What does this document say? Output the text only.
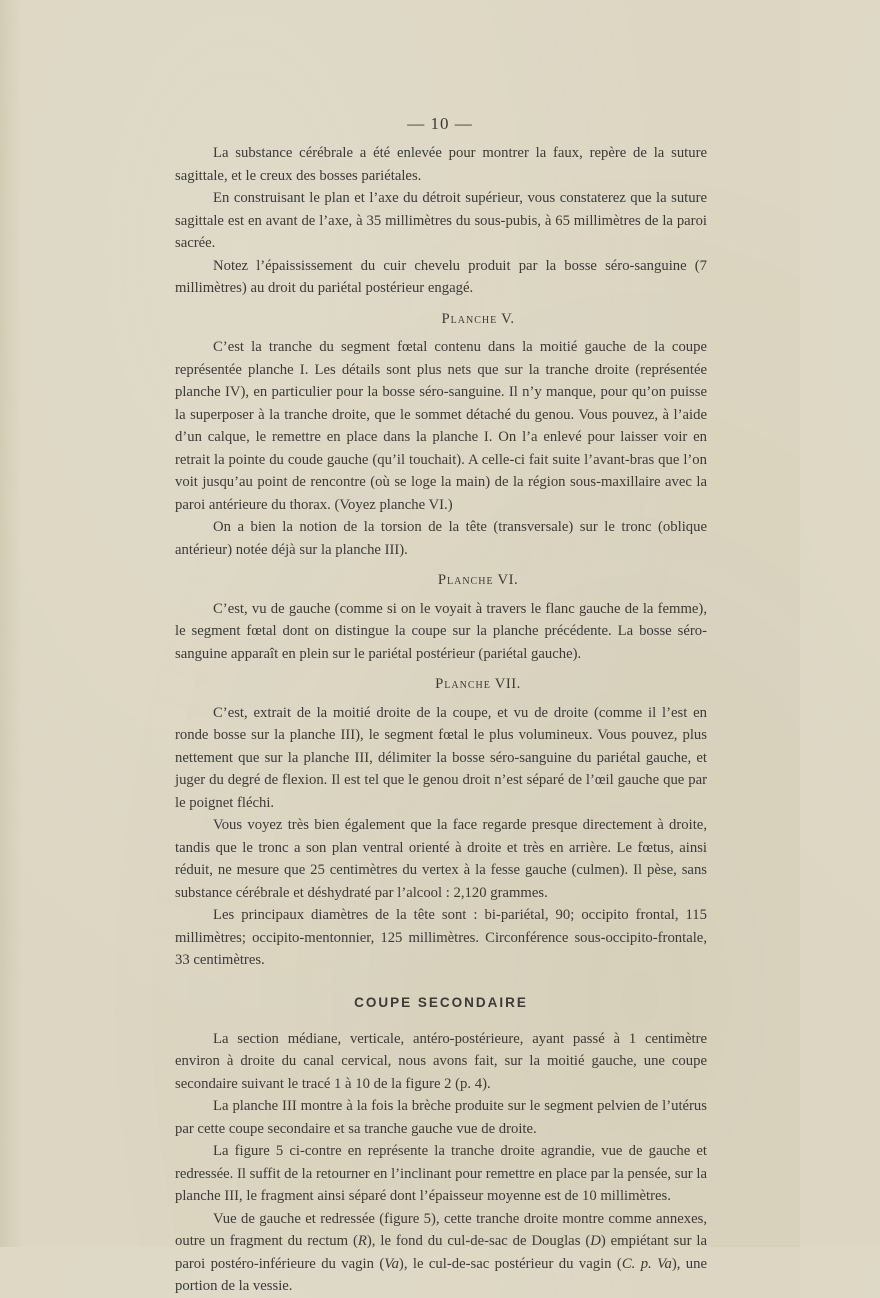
— 10 —

La substance cérébrale a été enlevée pour montrer la faux, repère de la suture sagittale, et le creux des bosses pariétales.

En construisant le plan et l’axe du détroit supérieur, vous constaterez que la suture sagittale est en avant de l’axe, à 35 millimètres du sous-pubis, à 65 millimètres de la paroi sacrée.

Notez l’épaississement du cuir chevelu produit par la bosse séro-sanguine (7 millimètres) au droit du pariétal postérieur engagé.

Planche V.

C’est la tranche du segment fœtal contenu dans la moitié gauche de la coupe représentée planche I. Les détails sont plus nets que sur la tranche droite (représentée planche IV), en particulier pour la bosse séro-sanguine. Il n’y manque, pour qu’on puisse la superposer à la tranche droite, que le sommet détaché du genou. Vous pouvez, à l’aide d’un calque, le remettre en place dans la planche I. On l’a enlevé pour laisser voir en retrait la pointe du coude gauche (qu’il touchait). A celle-ci fait suite l’avant-bras que l’on voit jusqu’au point de rencontre (où se loge la main) de la région sous-maxillaire avec la paroi antérieure du thorax. (Voyez planche VI.)

On a bien la notion de la torsion de la tête (transversale) sur le tronc (oblique antérieur) notée déjà sur la planche III).

Planche VI.

C’est, vu de gauche (comme si on le voyait à travers le flanc gauche de la femme), le segment fœtal dont on distingue la coupe sur la planche précédente. La bosse séro-sanguine apparaît en plein sur le pariétal postérieur (pariétal gauche).

Planche VII.

C’est, extrait de la moitié droite de la coupe, et vu de droite (comme il l’est en ronde bosse sur la planche III), le segment fœtal le plus volumineux. Vous pouvez, plus nettement que sur la planche III, délimiter la bosse séro-sanguine du pariétal gauche, et juger du degré de flexion. Il est tel que le genou droit n’est séparé de l’œil gauche que par le poignet fléchi.

Vous voyez très bien également que la face regarde presque directement à droite, tandis que le tronc a son plan ventral orienté à droite et très en arrière. Le fœtus, ainsi réduit, ne mesure que 25 centimètres du vertex à la fesse gauche (culmen). Il pèse, sans substance cérébrale et déshydraté par l’alcool : 2,120 grammes.

Les principaux diamètres de la tête sont : bi-pariétal, 90; occipito frontal, 115 millimètres; occipito-mentonnier, 125 millimètres. Circonférence sous-occipito-frontale, 33 centimètres.

COUPE SECONDAIRE

La section médiane, verticale, antéro-postérieure, ayant passé à 1 centimètre environ à droite du canal cervical, nous avons fait, sur la moitié gauche, une coupe secondaire suivant le tracé 1 à 10 de la figure 2 (p. 4).

La planche III montre à la fois la brèche produite sur le segment pelvien de l’utérus par cette coupe secondaire et sa tranche gauche vue de droite.

La figure 5 ci-contre en représente la tranche droite agrandie, vue de gauche et redressée. Il suffit de la retourner en l’inclinant pour remettre en place par la pensée, sur la planche III, le fragment ainsi séparé dont l’épaisseur moyenne est de 10 millimètres.

Vue de gauche et redressée (figure 5), cette tranche droite montre comme annexes, outre un fragment du rectum (R), le fond du cul-de-sac de Douglas (D) empiétant sur la paroi postéro-inférieure du vagin (Va), le cul-de-sac postérieur du vagin (C. p. Va), une portion de la vessie.
